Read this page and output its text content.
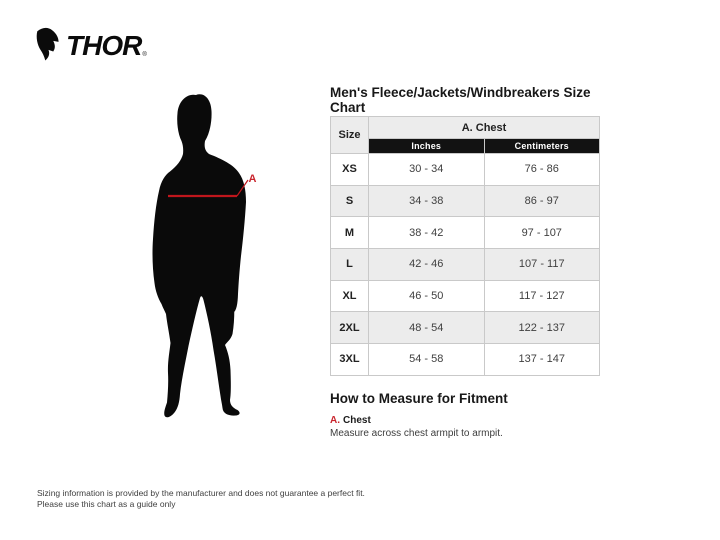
THOR ®
A
Men's Fleece/Jackets/Windbreakers Size Chart
Size	A. Chest	
	Inches	Centimeters
XS	30 - 34	76 - 86
S	34 - 38	86 - 97
M	38 - 42	97 - 107
L	42 - 46	107 - 117
XL	46 - 50	117 - 127
2XL	48 - 54	122 - 137
3XL	54 - 58	137 - 147
How to Measure for Fitment
A. Chest
Measure across chest armpit to armpit.
Sizing information is provided by the manufacturer and does not guarantee a perfect fit.
Please use this chart as a guide only
